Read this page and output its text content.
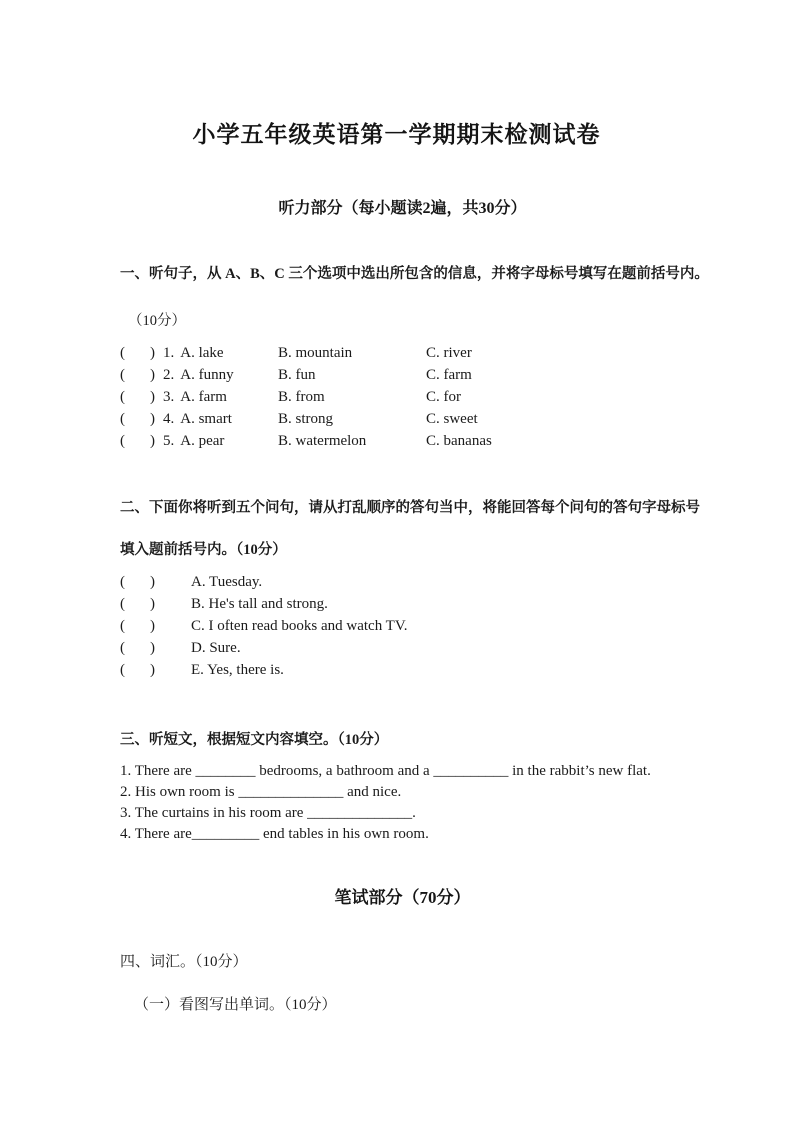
小学五年级英语第一学期期末检测试卷
听力部分（每小题读2遍，共30分）
一、听句子，从 A、B、C 三个选项中选出所包含的信息，并将字母标号填写在题前括号内。
（10分）
(    ) 1. A. lake	B. mountain	C. river
(    ) 2. A. funny	B. fun	C. farm
(    ) 3. A. farm	B. from	C. for
(    ) 4. A. smart	B. strong	C. sweet
(    ) 5. A. pear	B. watermelon	C. bananas
二、下面你将听到五个问句，请从打乱顺序的答句当中，将能回答每个问句的答句字母标号
填入题前括号内。（10分）
(    ) A. Tuesday.
(    ) B. He's tall and strong.
(    ) C. I often read books and watch TV.
(    ) D. Sure.
(    ) E. Yes, there is.
三、听短文，根据短文内容填空。（10分）
1. There are ________ bedrooms, a bathroom and a __________ in the rabbit’s new flat.
2. His own room is ______________ and nice.
3. The curtains in his room are ______________.
4. There are_________ end tables in his own room.
笔试部分（70分）
四、词汇。（10分）
（一）看图写出单词。（10分）
